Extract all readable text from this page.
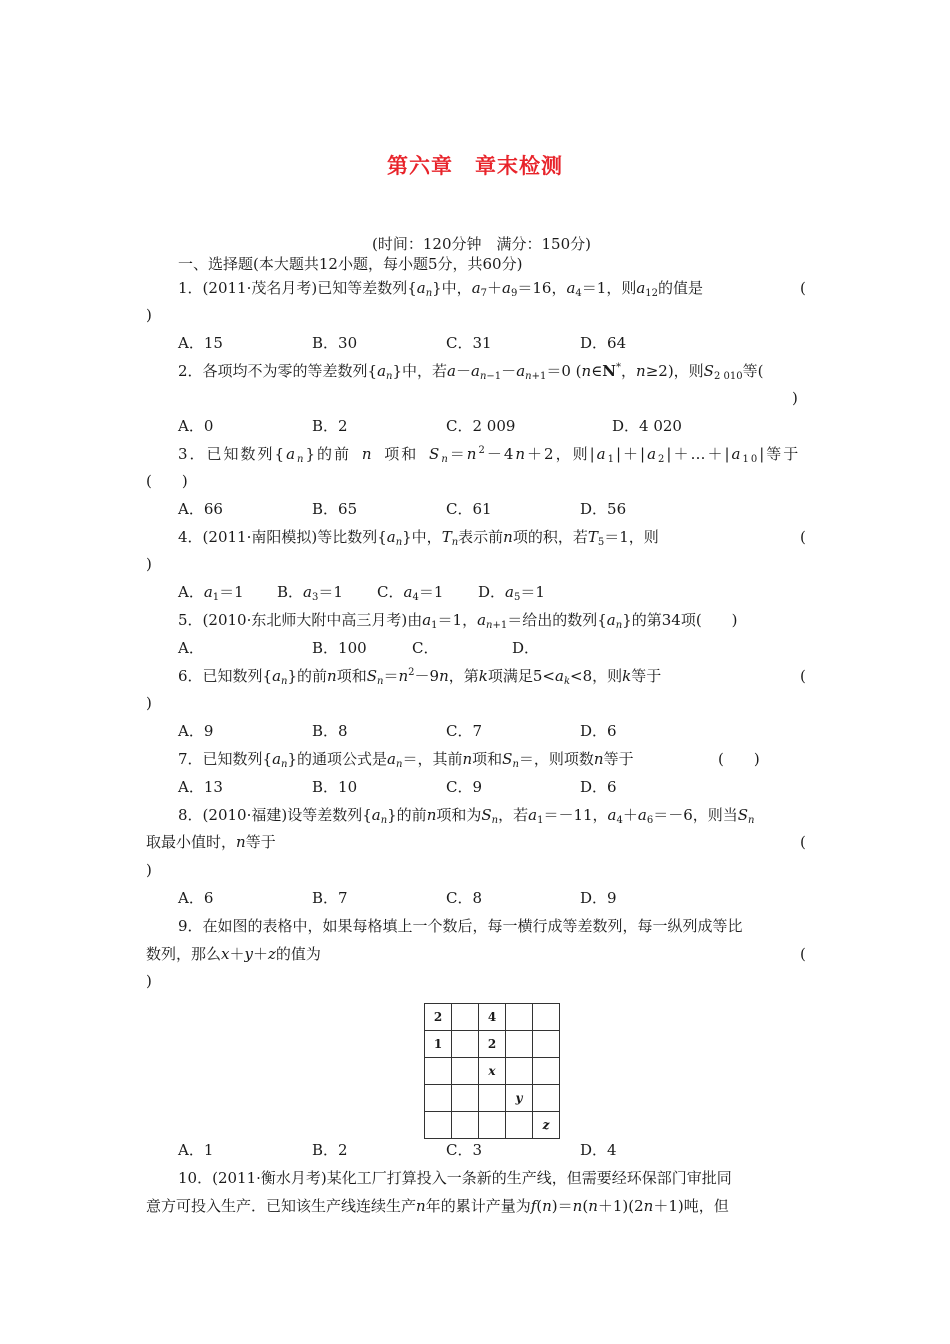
第六章　章末检测
(时间：120分钟　满分：150分)
一、选择题(本大题共12小题，每小题5分，共60分)
1．(2011·茂名月考)已知等差数列$\{a_n\}$中，$a_7+a_9=16$，$a_4=1$，则$a_{12}$的值是	(
)
A．15	B．30	C．31	D．64
2．各项均不为零的等差数列$\{a_n\}$中，若$a-a_{n-1}-a_{n+1}=0$ (n∈N*，n≥2)，则$S_{2 010}$等(
)
A．0	B．2	C．2 009	D．4 020
3．已知数列$\{a_n\}$的前 n 项和 $S_n=n^2-4n+2$，则$|a_1|+|a_2|+\dots+|a_{10}|$等于
(　　)
A．66	B．65	C．61	D．56
4．(2011·南阳模拟)等比数列$\{a_n\}$中，$T_n$表示前n项的积，若$T_5=1$，则	(
)
A．$a_1=1$ B．$a_3=1$ C．$a_4=1$ D．$a_5=1$
5．(2010·东北师大附中高三月考)由$a_1=1$，$a_{n+1}=$给出的数列$\{a_n\}$的第34项(　　)
A．	B．100	C．	D．
6．已知数列$\{a_n\}$的前n项和$S_n=n^2-9n$，第k项满足$5<a_k<8$，则k等于	(
)
A．9	B．8	C．7	D．6
7．已知数列$\{a_n\}$的通项公式是$a_n=$，其前n项和$S_n=$，则项数n等于	(　　)
A．13	B．10	C．9	D．6
8．(2010·福建)设等差数列$\{a_n\}$的前n项和为$S_n$，若$a_1=-11$，$a_4+a_6=-6$，则当$S_n$
取最小值时，n等于	(
)
A．6	B．7	C．8	D．9
9．在如图的表格中，如果每格填上一个数后，每一横行成等差数列，每一纵列成等比
数列，那么x＋y＋z的值为	(
)
2		4		
1		2		
		x		
			y	
				z
A．1	B．2	C．3	D．4
10．(2011·衡水月考)某化工厂打算投入一条新的生产线，但需要经环保部门审批同
意方可投入生产．已知该生产线连续生产n年的累计产量为f(n)＝n(n＋1)(2n＋1)吨，但
